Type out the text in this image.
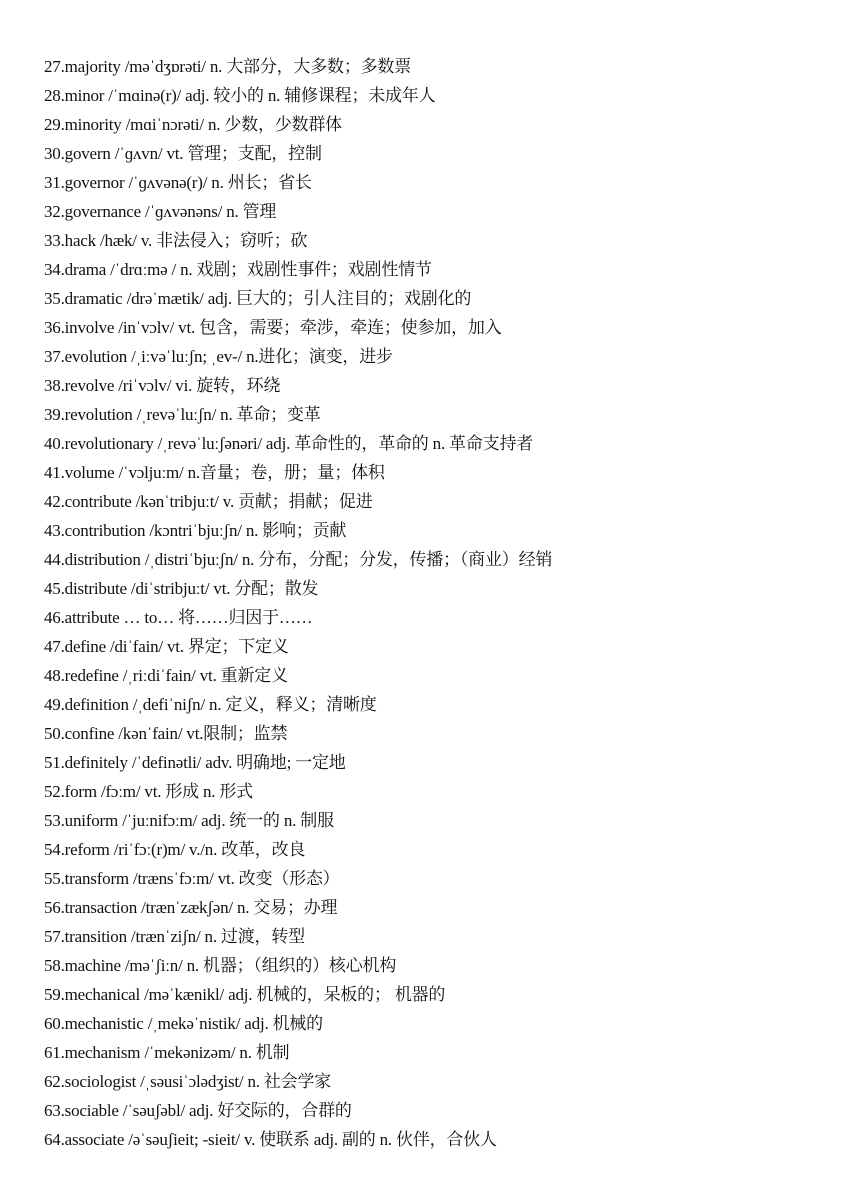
27.majority /məˈdʒɒrəti/ n. 大部分，大多数；多数票
28.minor /ˈmɑinə(r)/ adj. 较小的 n. 辅修课程；未成年人
29.minority /mɑiˈnɔrəti/ n. 少数，少数群体
30.govern /ˈɡʌvn/ vt. 管理；支配，控制
31.governor /ˈɡʌvənə(r)/ n. 州长；省长
32.governance /ˈɡʌvənəns/ n. 管理
33.hack /hæk/ v. 非法侵入；窃听；砍
34.drama /ˈdrɑːmə / n. 戏剧；戏剧性事件；戏剧性情节
35.dramatic /drəˈmætik/ adj. 巨大的；引人注目的；戏剧化的
36.involve /inˈvɔlv/ vt. 包含，需要；牵涉，牵连；使参加，加入
37.evolution /ˌiːvəˈluːʃn; ˌev-/ n.进化；演变，进步
38.revolve /riˈvɔlv/ vi. 旋转，环绕
39.revolution /ˌrevəˈluːʃn/ n. 革命；变革
40.revolutionary /ˌrevəˈluːʃənəri/ adj. 革命性的，革命的 n. 革命支持者
41.volume /ˈvɔljuːm/ n.音量；卷，册；量；体积
42.contribute /kənˈtribjuːt/ v. 贡献；捐献；促进
43.contribution /kɔntriˈbjuːʃn/ n. 影响；贡献
44.distribution /ˌdistriˈbjuːʃn/ n. 分布，分配；分发，传播；（商业）经销
45.distribute /diˈstribjuːt/ vt. 分配；散发
46.attribute … to… 将……归因于……
47.define /diˈfain/ vt. 界定；下定义
48.redefine /ˌriːdiˈfain/ vt. 重新定义
49.definition /ˌdefiˈniʃn/ n. 定义，释义；清晰度
50.confine /kənˈfain/ vt.限制；监禁
51.definitely /ˈdefinətli/ adv. 明确地; 一定地
52.form /fɔːm/ vt. 形成 n. 形式
53.uniform /ˈjuːnifɔːm/ adj. 统一的 n. 制服
54.reform /riˈfɔː(r)m/ v./n. 改革，改良
55.transform /trænsˈfɔːm/ vt. 改变（形态）
56.transaction /trænˈzækʃən/ n. 交易；办理
57.transition /trænˈziʃn/ n. 过渡，转型
58.machine /məˈʃiːn/ n. 机器；（组织的）核心机构
59.mechanical /məˈkænikl/ adj. 机械的，呆板的； 机器的
60.mechanistic /ˌmekəˈnistik/ adj. 机械的
61.mechanism /ˈmekənizəm/ n. 机制
62.sociologist /ˌsəusiˈɔlədʒist/ n. 社会学家
63.sociable /ˈsəuʃəbl/ adj. 好交际的，合群的
64.associate /əˈsəuʃieit; -sieit/ v. 使联系 adj. 副的 n. 伙伴，合伙人
